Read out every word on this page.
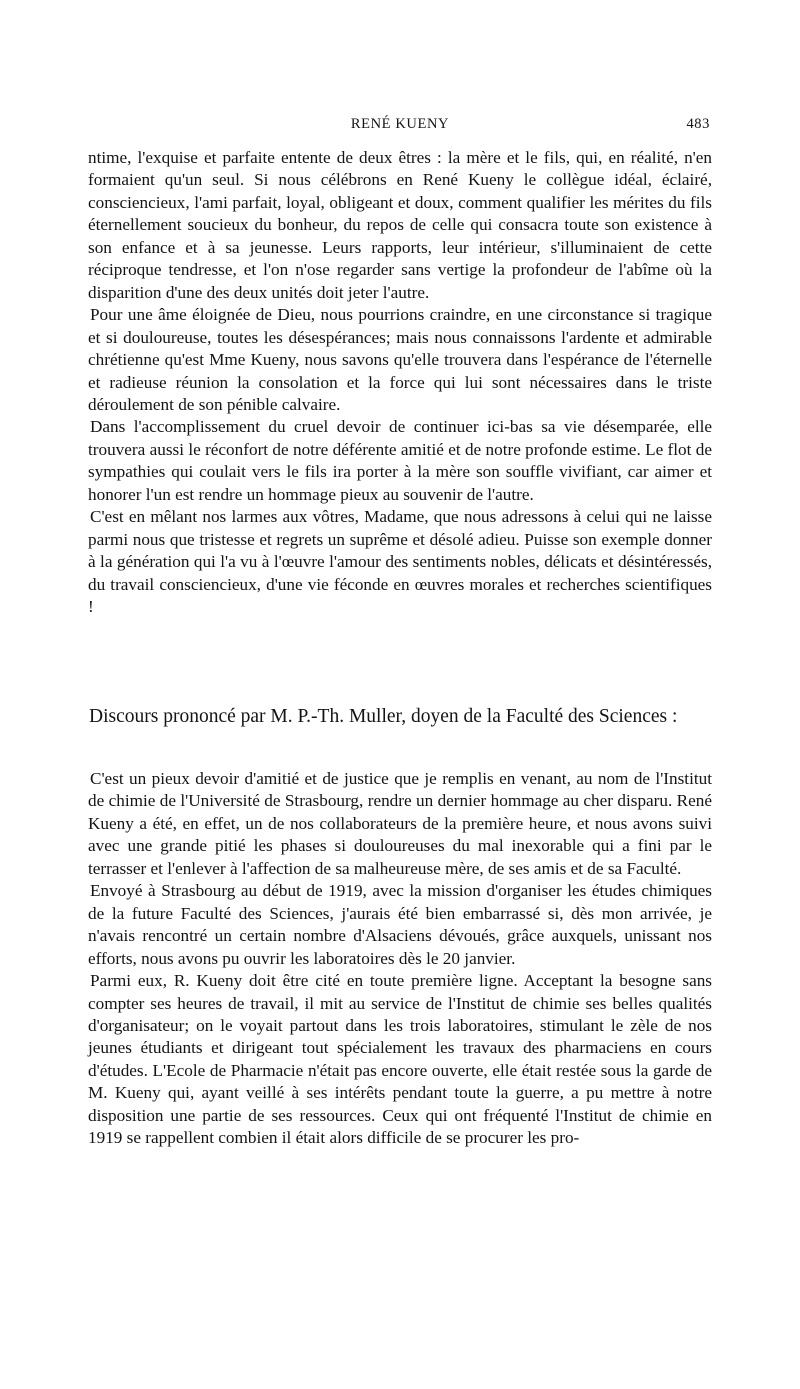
RENÉ KUENY	483

ntime, l'exquise et parfaite entente de deux êtres : la mère et le fils, qui, en réalité, n'en formaient qu'un seul. Si nous célébrons en René Kueny le collègue idéal, éclairé, consciencieux, l'ami parfait, loyal, obligeant et doux, comment qualifier les mérites du fils éternellement soucieux du bonheur, du repos de celle qui consacra toute son existence à son enfance et à sa jeunesse. Leurs rapports, leur intérieur, s'illuminaient de cette réciproque tendresse, et l'on n'ose regarder sans vertige la profondeur de l'abîme où la disparition d'une des deux unités doit jeter l'autre.

Pour une âme éloignée de Dieu, nous pourrions craindre, en une circonstance si tragique et si douloureuse, toutes les désespérances; mais nous connaissons l'ardente et admirable chrétienne qu'est Mme Kueny, nous savons qu'elle trouvera dans l'espérance de l'éternelle et radieuse réunion la consolation et la force qui lui sont nécessaires dans le triste déroulement de son pénible calvaire.

Dans l'accomplissement du cruel devoir de continuer ici-bas sa vie désemparée, elle trouvera aussi le réconfort de notre déférente amitié et de notre profonde estime. Le flot de sympathies qui coulait vers le fils ira porter à la mère son souffle vivifiant, car aimer et honorer l'un est rendre un hommage pieux au souvenir de l'autre.

C'est en mêlant nos larmes aux vôtres, Madame, que nous adressons à celui qui ne laisse parmi nous que tristesse et regrets un suprême et désolé adieu. Puisse son exemple donner à la génération qui l'a vu à l'œuvre l'amour des sentiments nobles, délicats et désintéressés, du travail consciencieux, d'une vie féconde en œuvres morales et recherches scientifiques !

Discours prononcé par M. P.-Th. Muller, doyen de la Faculté des Sciences :

C'est un pieux devoir d'amitié et de justice que je remplis en venant, au nom de l'Institut de chimie de l'Université de Strasbourg, rendre un dernier hommage au cher disparu. René Kueny a été, en effet, un de nos collaborateurs de la première heure, et nous avons suivi avec une grande pitié les phases si douloureuses du mal inexorable qui a fini par le terrasser et l'enlever à l'affection de sa malheureuse mère, de ses amis et de sa Faculté.

Envoyé à Strasbourg au début de 1919, avec la mission d'organiser les études chimiques de la future Faculté des Sciences, j'aurais été bien embarrassé si, dès mon arrivée, je n'avais rencontré un certain nombre d'Alsaciens dévoués, grâce auxquels, unissant nos efforts, nous avons pu ouvrir les laboratoires dès le 20 janvier.

Parmi eux, R. Kueny doit être cité en toute première ligne. Acceptant la besogne sans compter ses heures de travail, il mit au service de l'Institut de chimie ses belles qualités d'organisateur; on le voyait partout dans les trois laboratoires, stimulant le zèle de nos jeunes étudiants et dirigeant tout spécialement les travaux des pharmaciens en cours d'études. L'Ecole de Pharmacie n'était pas encore ouverte, elle était restée sous la garde de M. Kueny qui, ayant veillé à ses intérêts pendant toute la guerre, a pu mettre à notre disposition une partie de ses ressources. Ceux qui ont fréquenté l'Institut de chimie en 1919 se rappellent combien il était alors difficile de se procurer les pro-
